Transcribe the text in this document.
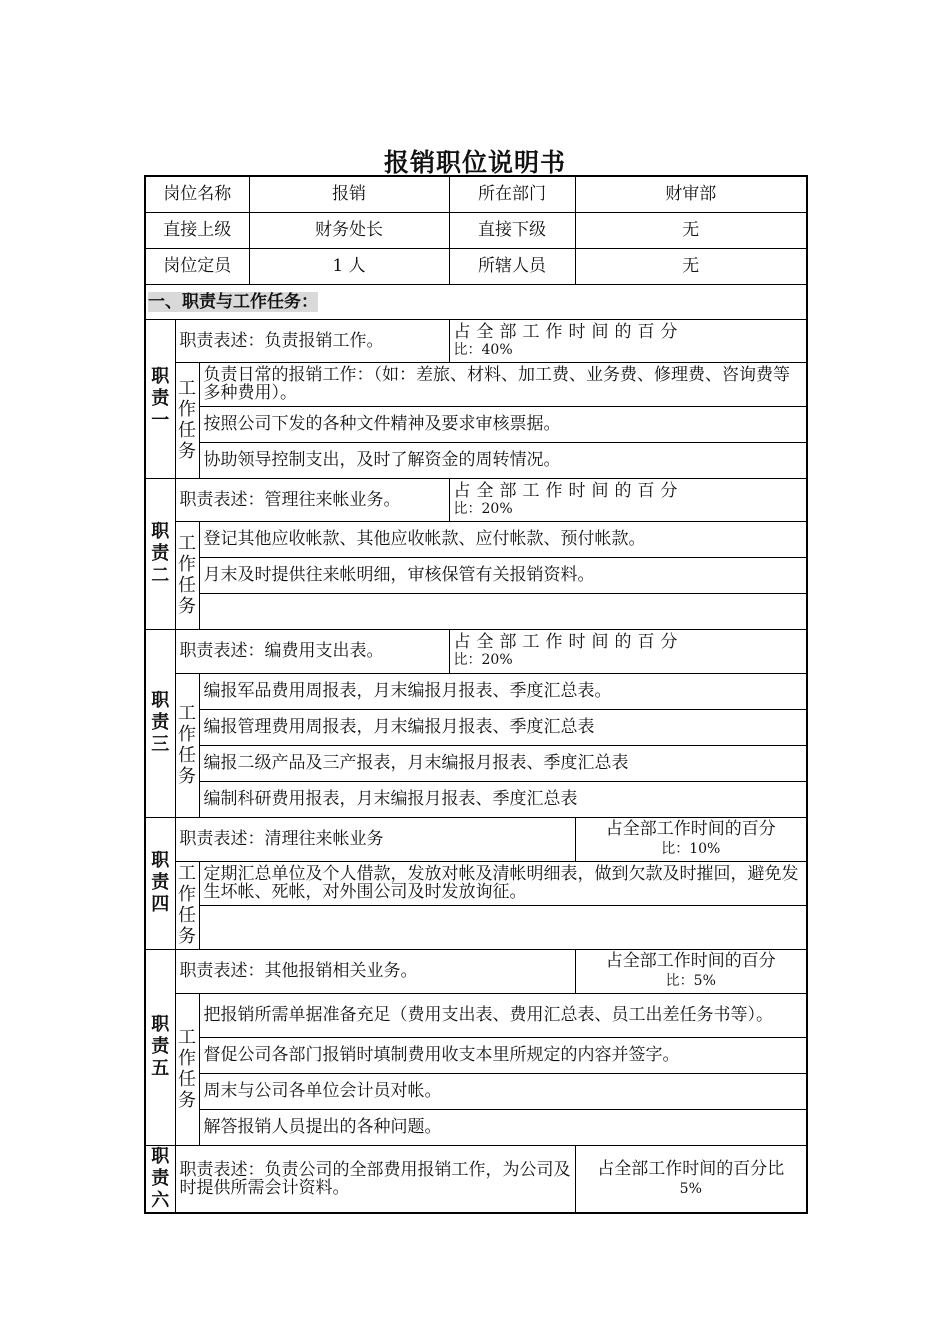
报销职位说明书
岗位名称			报销	所在部门	财审部
直接上级			财务处长	直接下级	无
岗位定员			1 人	所辖人员	无
一、职责与工作任务：					
职责一	职责表述：负责报销工作。			占全部工作时间的百分
比：40%	

	工作任务	负责日常的报销工作：（如：差旅、材料、加工费、业务费、修理费、咨询费等多种费用）。			
		按照公司下发的各种文件精神及要求审核票据。			
		协助领导控制支出，及时了解资金的周转情况。			
职责二	职责表述：管理往来帐业务。			占全部工作时间的百分
比：20%	

	工作任务	登记其他应收帐款、其他应收帐款、应付帐款、预付帐款。			
		月末及时提供往来帐明细，审核保管有关报销资料。			

职责三	职责表述：编费用支出表。			占全部工作时间的百分
比：20%	

	工作任务	编报军品费用周报表，月末编报月报表、季度汇总表。			
		编报管理费用周报表，月末编报月报表、季度汇总表			
		编报二级产品及三产报表，月末编报月报表、季度汇总表			
		编制科研费用报表，月末编报月报表、季度汇总表			
职责四	职责表述：清理往来帐业务				占全部工作时间的百分
比：10%

	工作任务	定期汇总单位及个人借款，发放对帐及清帐明细表，做到欠款及时摧回，避免发生坏帐、死帐，对外围公司及时发放询征。			

职责五	职责表述：其他报销相关业务。				占全部工作时间的百分
比：5%

	工作任务	把报销所需单据准备充足（费用支出表、费用汇总表、员工出差任务书等）。			
		督促公司各部门报销时填制费用收支本里所规定的内容并签字。			
		周末与公司各单位会计员对帐。			
		解答报销人员提出的各种问题。			
职责六	职责表述：负责公司的全部费用报销工作，为公司及时提供所需会计资料。				占全部工作时间的百分比
5%
